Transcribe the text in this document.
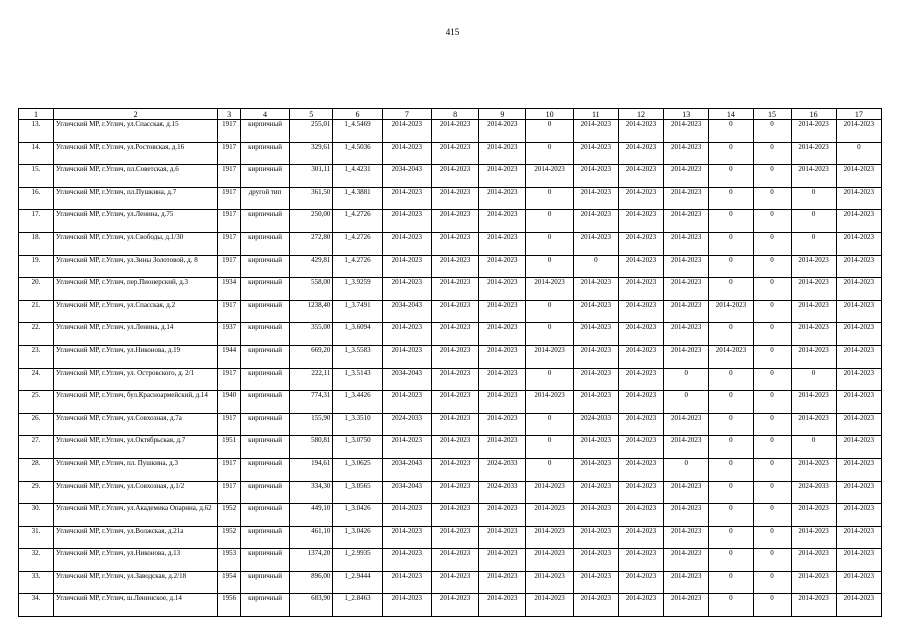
415
1	2	3	4	5	6	7	8	9	10	11	12	13	14	15	16	17
13.	Угличский МР, г.Углич, ул.Спасская, д.15	1917	кирпичный	255,01	1_4.5469	2014-2023	2014-2023	2014-2023	0	2014-2023	2014-2023	2014-2023	0	0	2014-2023	2014-2023
14.	Угличский МР, г.Углич, ул.Ростовская, д.16	1917	кирпичный	329,61	1_4.5036	2014-2023	2014-2023	2014-2023	0	2014-2023	2014-2023	2014-2023	0	0	2014-2023	0
15.	Угличский МР, г.Углич, пл.Советская, д.6	1917	кирпичный	301,11	1_4.4231	2034-2043	2014-2023	2014-2023	2014-2023	2014-2023	2014-2023	2014-2023	0	0	2014-2023	2014-2023
16.	Угличский МР, г.Углич, пл.Пушкина, д.7	1917	другой тип	361,50	1_4.3881	2014-2023	2014-2023	2014-2023	0	2014-2023	2014-2023	2014-2023	0	0	0	2014-2023
17.	Угличский МР, г.Углич, ул.Ленина, д.75	1917	кирпичный	250,00	1_4.2726	2014-2023	2014-2023	2014-2023	0	2014-2023	2014-2023	2014-2023	0	0	0	2014-2023
18.	Угличский МР, г.Углич, ул.Свободы, д.1/30	1917	кирпичный	272,80	1_4.2726	2014-2023	2014-2023	2014-2023	0	2014-2023	2014-2023	2014-2023	0	0	0	2014-2023
19.	Угличский МР, г.Углич, ул.Зины Золотовой, д. 8	1917	кирпичный	429,81	1_4.2726	2014-2023	2014-2023	2014-2023	0	0	2014-2023	2014-2023	0	0	2014-2023	2014-2023
20.	Угличский МР, г.Углич, пер.Пионерский, д.3	1934	кирпичный	558,00	1_3.9259	2014-2023	2014-2023	2014-2023	2014-2023	2014-2023	2014-2023	2014-2023	0	0	2014-2023	2014-2023
21.	Угличский МР, г.Углич, ул.Спасская, д.2	1917	кирпичный	1238,40	1_3.7491	2034-2043	2014-2023	2014-2023	0	2014-2023	2014-2023	2014-2023	2014-2023	0	2014-2023	2014-2023
22.	Угличский МР, г.Углич, ул.Ленина, д.14	1937	кирпичный	355,00	1_3.6094	2014-2023	2014-2023	2014-2023	0	2014-2023	2014-2023	2014-2023	0	0	2014-2023	2014-2023
23.	Угличский МР, г.Углич, ул.Никонова, д.19	1944	кирпичный	669,20	1_3.5583	2014-2023	2014-2023	2014-2023	2014-2023	2014-2023	2014-2023	2014-2023	2014-2023	0	2014-2023	2014-2023
24.	Угличский МР, г.Углич, ул. Островского, д. 2/1	1917	кирпичный	222,11	1_3.5143	2034-2043	2014-2023	2014-2023	0	2014-2023	2014-2023	0	0	0	0	2014-2023
25.	Угличский МР, г.Углич, бул.Красноармейский, д.14	1940	кирпичный	774,31	1_3.4426	2014-2023	2014-2023	2014-2023	2014-2023	2014-2023	2014-2023	0	0	0	2014-2023	2014-2023
26.	Угличский МР, г.Углич, ул.Совхозная, д.7а	1917	кирпичный	155,90	1_3.3510	2024-2033	2014-2023	2014-2023	0	2024-2033	2014-2023	2014-2023	0	0	2014-2023	2014-2023
27.	Угличский МР, г.Углич, ул.Октябрьская, д.7	1951	кирпичный	580,81	1_3.0750	2014-2023	2014-2023	2014-2023	0	2014-2023	2014-2023	2014-2023	0	0	0	2014-2023
28.	Угличский МР, г.Углич, пл. Пушкина, д.3	1917	кирпичный	194,61	1_3.0625	2034-2043	2014-2023	2024-2033	0	2014-2023	2014-2023	0	0	0	2014-2023	2014-2023
29.	Угличский МР, г.Углич, ул.Совхозная, д.1/2	1917	кирпичный	334,30	1_3.0565	2034-2043	2014-2023	2024-2033	2014-2023	2014-2023	2014-2023	2014-2023	0	0	2024-2033	2014-2023
30.	Угличский МР, г.Углич, ул.Академика Опарина, д.62	1952	кирпичный	449,10	1_3.0426	2014-2023	2014-2023	2014-2023	2014-2023	2014-2023	2014-2023	2014-2023	0	0	2014-2023	2014-2023
31.	Угличский МР, г.Углич, ул.Волжская, д.21а	1952	кирпичный	461,10	1_3.0426	2014-2023	2014-2023	2014-2023	2014-2023	2014-2023	2014-2023	2014-2023	0	0	2014-2023	2014-2023
32.	Угличский МР, г.Углич, ул.Никонова, д.13	1953	кирпичный	1374,20	1_2.9935	2014-2023	2014-2023	2014-2023	2014-2023	2014-2023	2014-2023	2014-2023	0	0	2014-2023	2014-2023
33.	Угличский МР, г.Углич, ул.Заводская, д.2/18	1954	кирпичный	896,00	1_2.9444	2014-2023	2014-2023	2014-2023	2014-2023	2014-2023	2014-2023	2014-2023	0	0	2014-2023	2014-2023
34.	Угличский МР, г.Углич, ш.Ленинское, д.14	1956	кирпичный	683,90	1_2.8463	2014-2023	2014-2023	2014-2023	2014-2023	2014-2023	2014-2023	2014-2023	0	0	2014-2023	2014-2023
